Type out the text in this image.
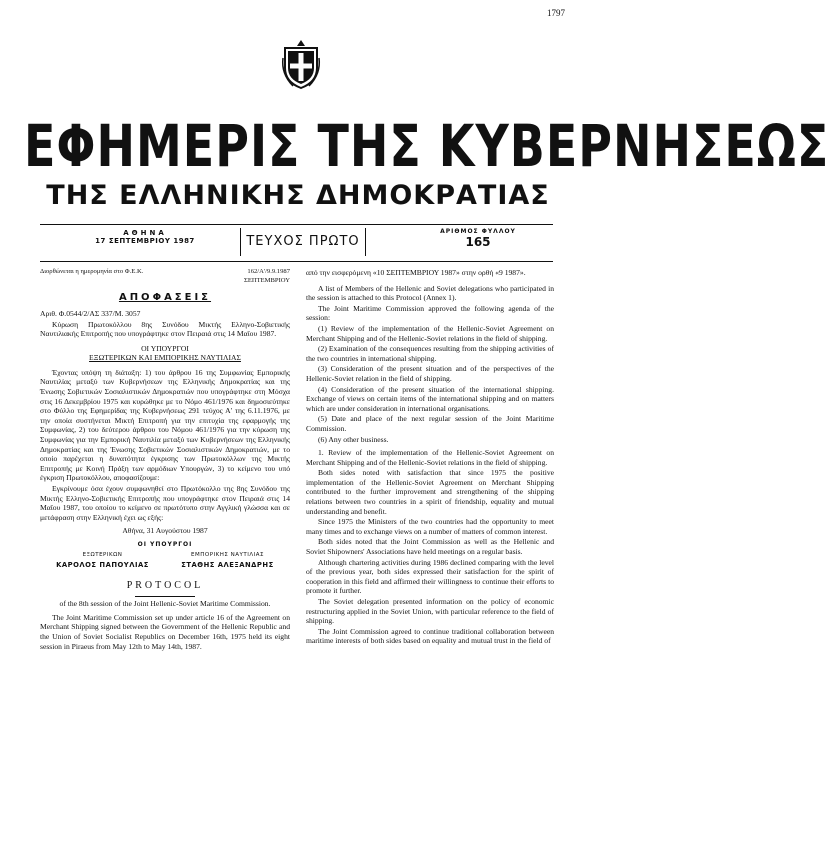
1797
ΕΦΗΜΕΡΙΣ ΤΗΣ ΚΥΒΕΡΝΗΣΕΩΣ
ΤΗΣ ΕΛΛΗΝΙΚΗΣ ΔΗΜΟΚΡΑΤΙΑΣ
ΑΘΗΝΑ
17 ΣΕΠΤΕΜΒΡΙΟΥ 1987	ΤΕΥΧΟΣ ΠΡΩΤΟ
ΑΡΙΘΜΟΣ ΦΥΛΛΟΥ
165
Διορθώνεται η ημερομηνία στο Φ.Ε.Κ.	162/Α'/9.9.1987
ΣΕΠΤΕΜΒΡΙΟΥ
ΑΠΟΦΑΣΕΙΣ

Αριθ. Φ.0544/2/ΑΣ 337/Μ. 3057

Κύρωση Πρωτοκόλλου 8ης Συνόδου Μικτής Ελληνο-Σοβιετικής Ναυτιλιακής Επιτροπής που υπογράφτηκε στον Πειραιά στις 14 Μαΐου 1987.

ΟΙ ΥΠΟΥΡΓΟΙ
ΕΞΩΤΕΡΙΚΩΝ ΚΑΙ ΕΜΠΟΡΙΚΗΣ ΝΑΥΤΙΛΙΑΣ

Έχοντας υπόψη τη διάταξη: 1) του άρθρου 16 της Συμφωνίας Εμπορικής Ναυτιλίας μεταξύ των Κυβερνήσεων της Ελληνικής Δημοκρατίας και της Ένωσης Σοβιετικών Σοσιαλιστικών Δημοκρατιών που υπογράφτηκε στη Μόσχα στις 16 Δεκεμβρίου 1975 και κυρώθηκε με το Νόμο 461/1976 και δημοσιεύτηκε στο Φύλλο της Εφημερίδας της Κυβερνήσεως 291 τεύχος Α' της 6.11.1976, με την οποία συστήνεται Μικτή Επιτροπή για την επιτυχία της εφαρμογής της Συμφωνίας, 2) του δεύτερου άρθρου του Νόμου 461/1976 για την κύρωση της Συμφωνίας για την Εμπορική Ναυτιλία μεταξύ των Κυβερνήσεων της Ελληνικής Δημοκρατίας και της Ένωσης Σοβιετικών Σοσιαλιστικών Δημοκρατιών, με το οποίο παρέχεται η δυνατότητα έγκρισης των Πρωτοκόλλων της Μικτής Επιτροπής με Κοινή Πράξη των αρμόδιων Υπουργών, 3) το κείμενο του υπό έγκριση Πρωτοκόλλου, αποφασίζουμε:

Εγκρίνουμε όσα έχουν συμφωνηθεί στο Πρωτόκολλο της 8ης Συνόδου της Μικτής Ελληνο-Σοβιετικής Επιτροπής που υπογράφτηκε στον Πειραιά στις 14 Μαΐου 1987, του οποίου το κείμενο σε πρωτότυπο στην Αγγλική γλώσσα και σε μετάφραση στην Ελληνική έχει ως εξής:

Αθήνα, 31 Αυγούστου 1987

ΟΙ ΥΠΟΥΡΓΟΙ
ΕΞΩΤΕΡΙΚΩΝ
ΚΑΡΟΛΟΣ ΠΑΠΟΥΛΙΑΣ
ΕΜΠΟΡΙΚΗΣ ΝΑΥΤΙΛΙΑΣ
ΣΤΑΘΗΣ ΑΛΕΞΑΝΔΡΗΣ
PROTOCOL

of the 8th session of the Joint Hellenic-Soviet Maritime Commission.

The Joint Maritime Commission set up under article 16 of the Agreement on Merchant Shipping signed between the Government of the Hellenic Republic and the Union of Soviet Socialist Republics on December 16th, 1975 held its eight session in Piraeus from May 12th to May 14th, 1987.

από την εισφερόμενη «10 ΣΕΠΤΕΜΒΡΙΟΥ 1987» στην ορθή «9 1987».

A list of Members of the Hellenic and Soviet delegations who participated in the session is attached to this Protocol (Annex 1).

The Joint Maritime Commission approved the following agenda of the session:

(1) Review of the implementation of the Hellenic-Soviet Agreement on Merchant Shipping and of the Hellenic-Soviet relations in the field of shipping.

(2) Examination of the consequences resulting from the shipping activities of the two countries in international shipping.

(3) Consideration of the present situation and of the perspectives of the Hellenic-Soviet relation in the field of shipping.

(4) Consideration of the present situation of the international shipping. Exchange of views on certain items of the international shipping and on matters which are under consideration in international organisations.

(5) Date and place of the next regular session of the Joint Maritime Commission.

(6) Any other business.

1. Review of the implementation of the Hellenic-Soviet Agreement on Merchant Shipping and of the Hellenic-Soviet relations in the field of shipping.

Both sides noted with satisfaction that since 1975 the positive implementation of the Hellenic-Soviet Agreement on Merchant Shipping contributed to the further improvement and strengthening of the shipping relations between two countries in a spirit of friendship, equality and mutual understanding and benefit.

Since 1975 the Ministers of the two countries had the opportunity to meet many times and to exchange views on a number of matters of common interest.

Both sides noted that the Joint Commission as well as the Hellenic and Soviet Shipowners' Associations have held meetings on a regular basis.

Although chartering activities during 1986 declined comparing with the level of the previous year, both sides expressed their satisfaction for the spirit of cooperation in this field and affirmed their willingness to continue their efforts to promote it further.

The Soviet delegation presented information on the policy of economic restructuring applied in the Soviet Union, with particular reference to the field of shipping.

The Joint Commission agreed to continue traditional collaboration between maritime interests of both sides based on equality and mutual trust in the field of
